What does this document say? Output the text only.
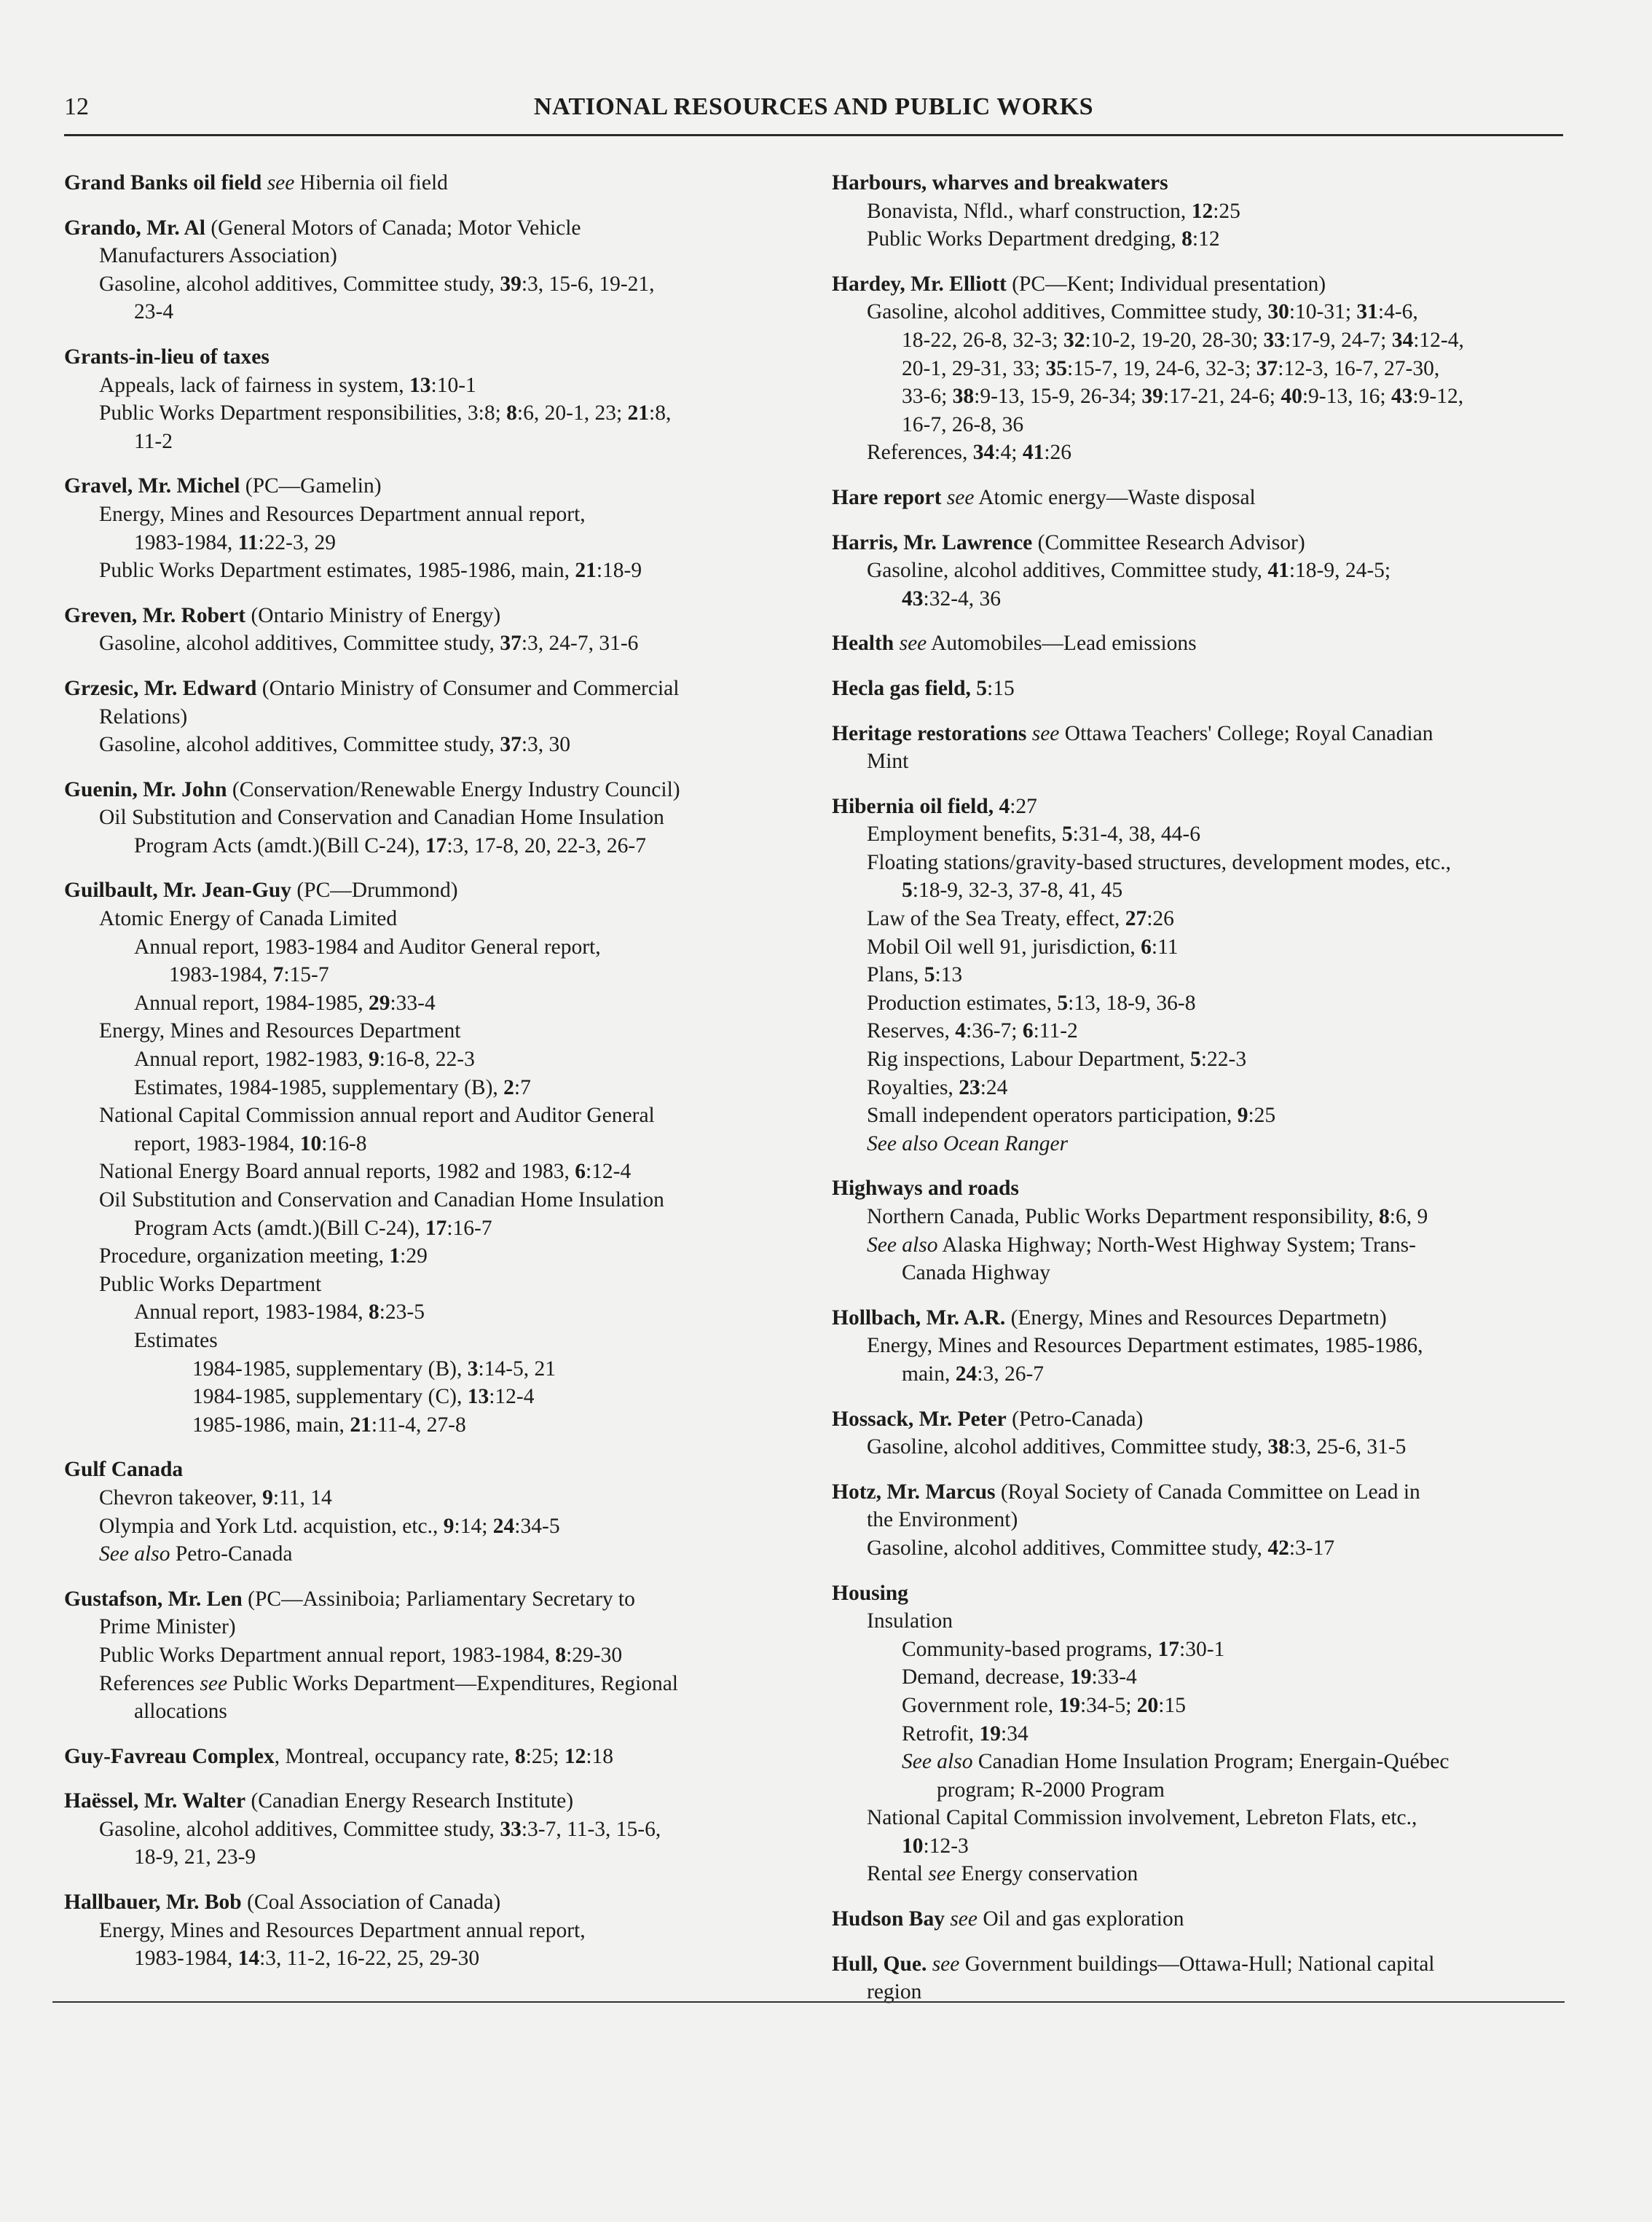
12	NATIONAL RESOURCES AND PUBLIC WORKS
Grand Banks oil field see Hibernia oil field
Grando, Mr. Al (General Motors of Canada; Motor Vehicle
Manufacturers Association)
Gasoline, alcohol additives, Committee study, 39:3, 15-6, 19-21,
23-4
Grants-in-lieu of taxes
Appeals, lack of fairness in system, 13:10-1
Public Works Department responsibilities, 3:8; 8:6, 20-1, 23; 21:8,
11-2
Gravel, Mr. Michel (PC—Gamelin)
Energy, Mines and Resources Department annual report,
1983-1984, 11:22-3, 29
Public Works Department estimates, 1985-1986, main, 21:18-9
Greven, Mr. Robert (Ontario Ministry of Energy)
Gasoline, alcohol additives, Committee study, 37:3, 24-7, 31-6
Grzesic, Mr. Edward (Ontario Ministry of Consumer and Commercial
Relations)
Gasoline, alcohol additives, Committee study, 37:3, 30
Guenin, Mr. John (Conservation/Renewable Energy Industry Council)
Oil Substitution and Conservation and Canadian Home Insulation
Program Acts (amdt.)(Bill C-24), 17:3, 17-8, 20, 22-3, 26-7
Guilbault, Mr. Jean-Guy (PC—Drummond)
Atomic Energy of Canada Limited
Annual report, 1983-1984 and Auditor General report,
1983-1984, 7:15-7
Annual report, 1984-1985, 29:33-4
Energy, Mines and Resources Department
Annual report, 1982-1983, 9:16-8, 22-3
Estimates, 1984-1985, supplementary (B), 2:7
National Capital Commission annual report and Auditor General
report, 1983-1984, 10:16-8
National Energy Board annual reports, 1982 and 1983, 6:12-4
Oil Substitution and Conservation and Canadian Home Insulation
Program Acts (amdt.)(Bill C-24), 17:16-7
Procedure, organization meeting, 1:29
Public Works Department
Annual report, 1983-1984, 8:23-5
Estimates
1984-1985, supplementary (B), 3:14-5, 21
1984-1985, supplementary (C), 13:12-4
1985-1986, main, 21:11-4, 27-8
Gulf Canada
Chevron takeover, 9:11, 14
Olympia and York Ltd. acquistion, etc., 9:14; 24:34-5
See also Petro-Canada
Gustafson, Mr. Len (PC—Assiniboia; Parliamentary Secretary to
Prime Minister)
Public Works Department annual report, 1983-1984, 8:29-30
References see Public Works Department—Expenditures, Regional
allocations
Guy-Favreau Complex, Montreal, occupancy rate, 8:25; 12:18
Haëssel, Mr. Walter (Canadian Energy Research Institute)
Gasoline, alcohol additives, Committee study, 33:3-7, 11-3, 15-6,
18-9, 21, 23-9
Hallbauer, Mr. Bob (Coal Association of Canada)
Energy, Mines and Resources Department annual report,
1983-1984, 14:3, 11-2, 16-22, 25, 29-30
Harbours, wharves and breakwaters
Bonavista, Nfld., wharf construction, 12:25
Public Works Department dredging, 8:12
Hardey, Mr. Elliott (PC—Kent; Individual presentation)
Gasoline, alcohol additives, Committee study, 30:10-31; 31:4-6,
18-22, 26-8, 32-3; 32:10-2, 19-20, 28-30; 33:17-9, 24-7; 34:12-4,
20-1, 29-31, 33; 35:15-7, 19, 24-6, 32-3; 37:12-3, 16-7, 27-30,
33-6; 38:9-13, 15-9, 26-34; 39:17-21, 24-6; 40:9-13, 16; 43:9-12,
16-7, 26-8, 36
References, 34:4; 41:26
Hare report see Atomic energy—Waste disposal
Harris, Mr. Lawrence (Committee Research Advisor)
Gasoline, alcohol additives, Committee study, 41:18-9, 24-5;
43:32-4, 36
Health see Automobiles—Lead emissions
Hecla gas field, 5:15
Heritage restorations see Ottawa Teachers' College; Royal Canadian
Mint
Hibernia oil field, 4:27
Employment benefits, 5:31-4, 38, 44-6
Floating stations/gravity-based structures, development modes, etc.,
5:18-9, 32-3, 37-8, 41, 45
Law of the Sea Treaty, effect, 27:26
Mobil Oil well 91, jurisdiction, 6:11
Plans, 5:13
Production estimates, 5:13, 18-9, 36-8
Reserves, 4:36-7; 6:11-2
Rig inspections, Labour Department, 5:22-3
Royalties, 23:24
Small independent operators participation, 9:25
See also Ocean Ranger
Highways and roads
Northern Canada, Public Works Department responsibility, 8:6, 9
See also Alaska Highway; North-West Highway System; Trans-
Canada Highway
Hollbach, Mr. A.R. (Energy, Mines and Resources Departmetn)
Energy, Mines and Resources Department estimates, 1985-1986,
main, 24:3, 26-7
Hossack, Mr. Peter (Petro-Canada)
Gasoline, alcohol additives, Committee study, 38:3, 25-6, 31-5
Hotz, Mr. Marcus (Royal Society of Canada Committee on Lead in
the Environment)
Gasoline, alcohol additives, Committee study, 42:3-17
Housing
Insulation
Community-based programs, 17:30-1
Demand, decrease, 19:33-4
Government role, 19:34-5; 20:15
Retrofit, 19:34
See also Canadian Home Insulation Program; Energain-Québec
program; R-2000 Program
National Capital Commission involvement, Lebreton Flats, etc.,
10:12-3
Rental see Energy conservation
Hudson Bay see Oil and gas exploration
Hull, Que. see Government buildings—Ottawa-Hull; National capital
region
